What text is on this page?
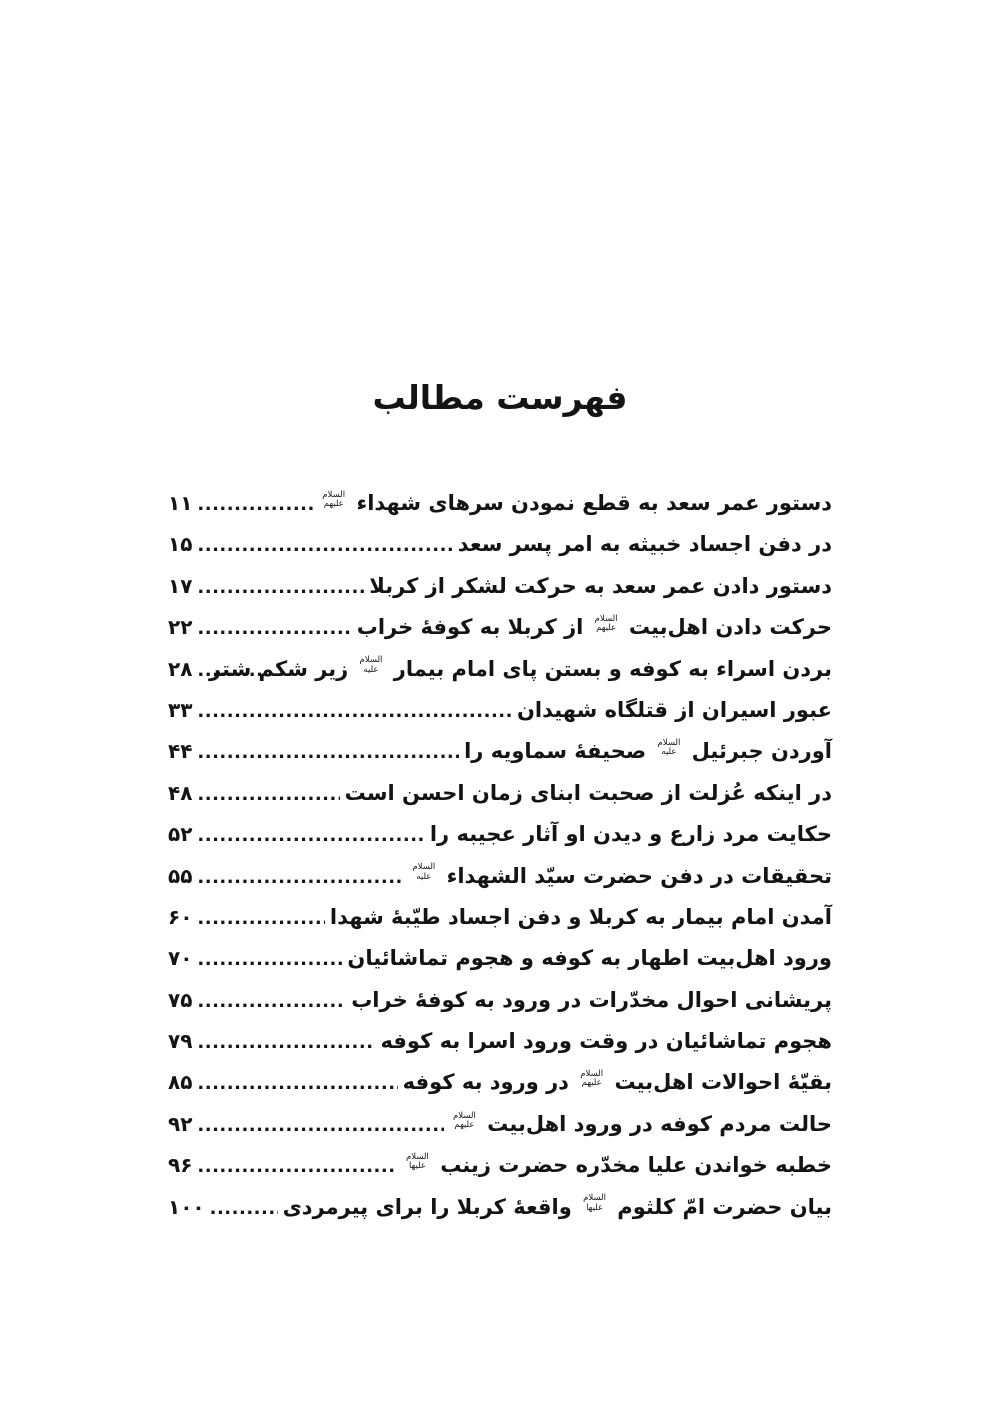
فهرست مطالب
دستور عمر سعد به قطع نمودن سرهای شهداء
السلام
علیهم
.....
۱۱
در دفن اجساد خبیثه به امر پسر سعد
.....
۱۵
دستور دادن عمر سعد به حرکت لشکر از کربلا
.....
۱۷
حرکت دادن اهل‌بیت
السلام
علیهم
از کربلا به کوفهٔ خراب
.....
۲۲
بردن اسراء به کوفه و بستن پای امام بیمار
السلام
علیه
زیر شکم شتر
.....
۲۸
عبور اسیران از قتلگاه شهیدان
.....
۳۳
آوردن جبرئیل
السلام
علیه
صحیفهٔ سماویه را
.....
۴۴
در اینکه عُزلت از صحبت ابنای زمان احسن است
.....
۴۸
حکایت مرد زارع و دیدن او آثار عجیبه را
.....
۵۲
تحقیقات در دفن حضرت سیّد الشهداء
السلام
علیه
.....
۵۵
آمدن امام بیمار به کربلا و دفن اجساد طیّبهٔ شهدا
.....
۶۰
ورود اهل‌بیت اطهار به کوفه و هجوم تماشائیان
.....
۷۰
پریشانی احوال مخدّرات در ورود به کوفهٔ خراب
.....
۷۵
هجوم تماشائیان در وقت ورود اسرا به کوفه
.....
۷۹
بقیّهٔ احوالات اهل‌بیت
السلام
علیهم
در ورود به کوفه
.....
۸۵
حالت مردم کوفه در ورود اهل‌بیت
السلام
علیهم
.....
۹۲
خطبه خواندن علیا مخدّره حضرت زینب
السلام
علیها
.....
۹۶
بیان حضرت امّ کلثوم
السلام
علیها
واقعهٔ کربلا را برای پیرمردی
.....
۱۰۰
